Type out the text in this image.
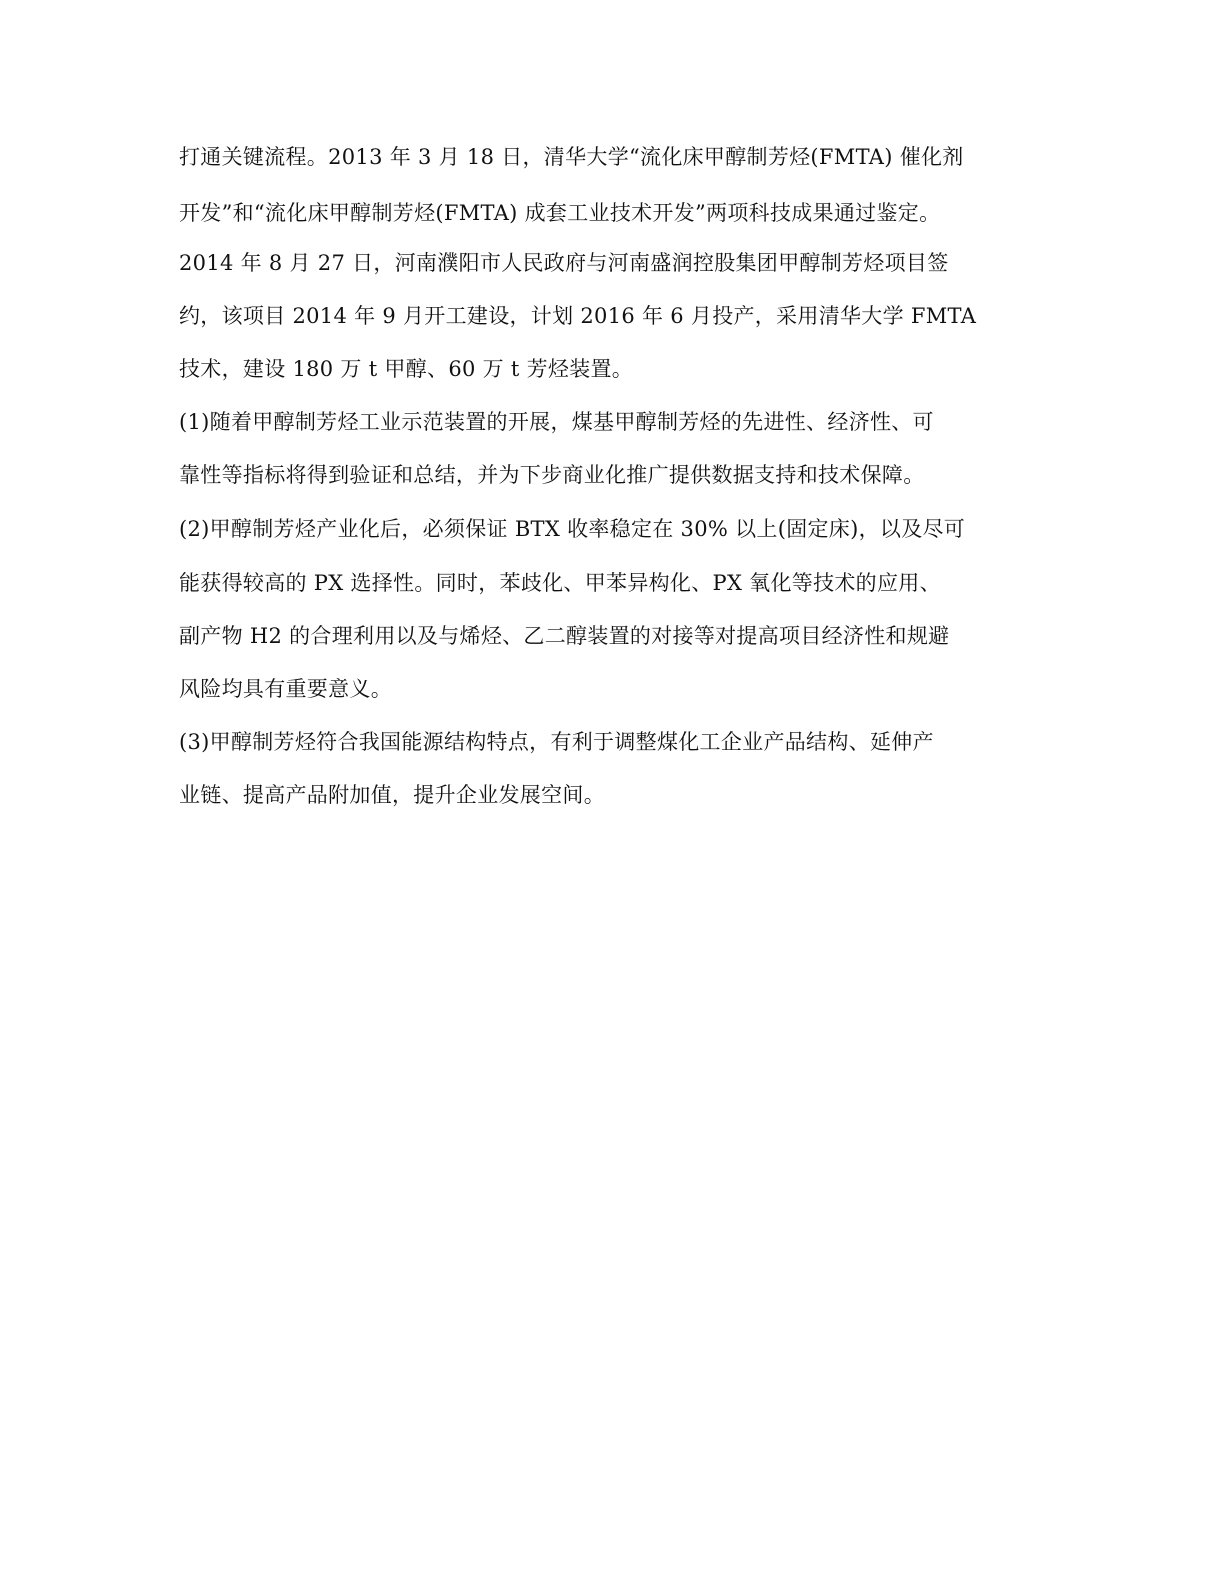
打通关键流程。2013 年 3 月 18 日，清华大学“流化床甲醇制芳烃(FMTA) 催化剂
开发”和“流化床甲醇制芳烃(FMTA) 成套工业技术开发”两项科技成果通过鉴定。
2014 年 8 月 27 日，河南濮阳市人民政府与河南盛润控股集团甲醇制芳烃项目签
约，该项目 2014 年 9 月开工建设，计划 2016 年 6 月投产，采用清华大学 FMTA
技术，建设 180 万 t 甲醇、60 万 t 芳烃装置。
(1)随着甲醇制芳烃工业示范装置的开展，煤基甲醇制芳烃的先进性、经济性、可
靠性等指标将得到验证和总结，并为下步商业化推广提供数据支持和技术保障。
(2)甲醇制芳烃产业化后，必须保证 BTX 收率稳定在 30% 以上(固定床)，以及尽可
能获得较高的 PX 选择性。同时，苯歧化、甲苯异构化、PX 氧化等技术的应用、
副产物 H2 的合理利用以及与烯烃、乙二醇装置的对接等对提高项目经济性和规避
风险均具有重要意义。
(3)甲醇制芳烃符合我国能源结构特点，有利于调整煤化工企业产品结构、延伸产
业链、提高产品附加值，提升企业发展空间。
